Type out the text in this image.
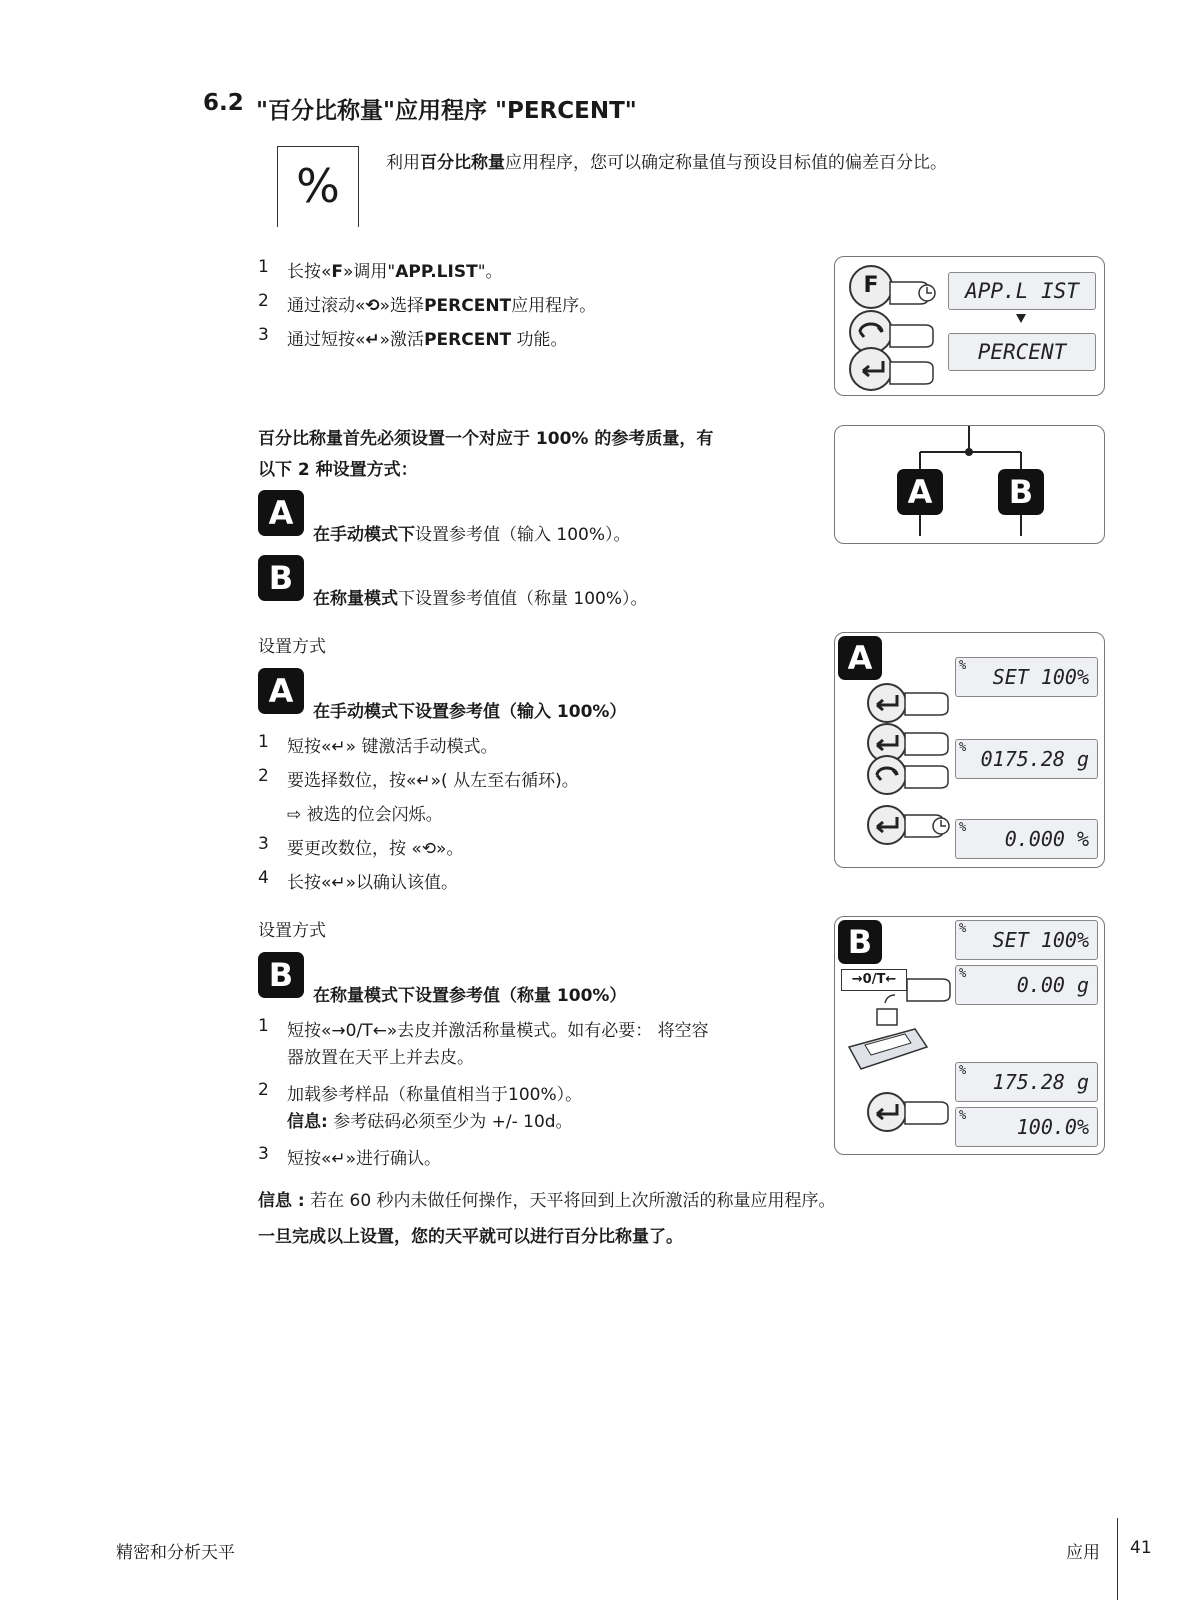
6.2 "百分比称量"应用程序 "PERCENT"
%	利用百分比称量应用程序，您可以确定称量值与预设目标值的偏差百分比。
1	长按«F»调用"APP.LIST"。
2	通过滚动«⟲»选择PERCENT应用程序。
3	通过短按«↵»激活PERCENT 功能。
F	APP.L IST
PERCENT
百分比称量首先必须设置一个对应于 100% 的参考质量，有
以下 2 种设置方式：
A
在手动模式下设置参考值（输入 100%）。
B
在称量模式下设置参考值值（称量 100%）。
A	B
设置方式
A
在手动模式下设置参考值（输入 100%）
1	短按«↵» 键激活手动模式。
2	要选择数位，按«↵»( 从左至右循环)。
⇨ 被选的位会闪烁。
3	要更改数位，按 «⟲»。
4	长按«↵»以确认该值。
A	% SET 100%
% 0175.28 g
% 0.000 %
设置方式
B
在称量模式下设置参考值（称量 100%）
1	短按«→0/T←»去皮并激活称量模式。如有必要： 将空容
器放置在天平上并去皮。
2	加载参考样品（称量值相当于100%）。
信息: 参考砝码必须至少为 +/- 10d。
3	短按«↵»进行确认。
B
→0/T←
% SET 100%
%	0.00 g
% 175.28 g
%	100.0%
信息 : 若在 60 秒内未做任何操作，天平将回到上次所激活的称量应用程序。
一旦完成以上设置，您的天平就可以进行百分比称量了。
精密和分析天平	应用 41
